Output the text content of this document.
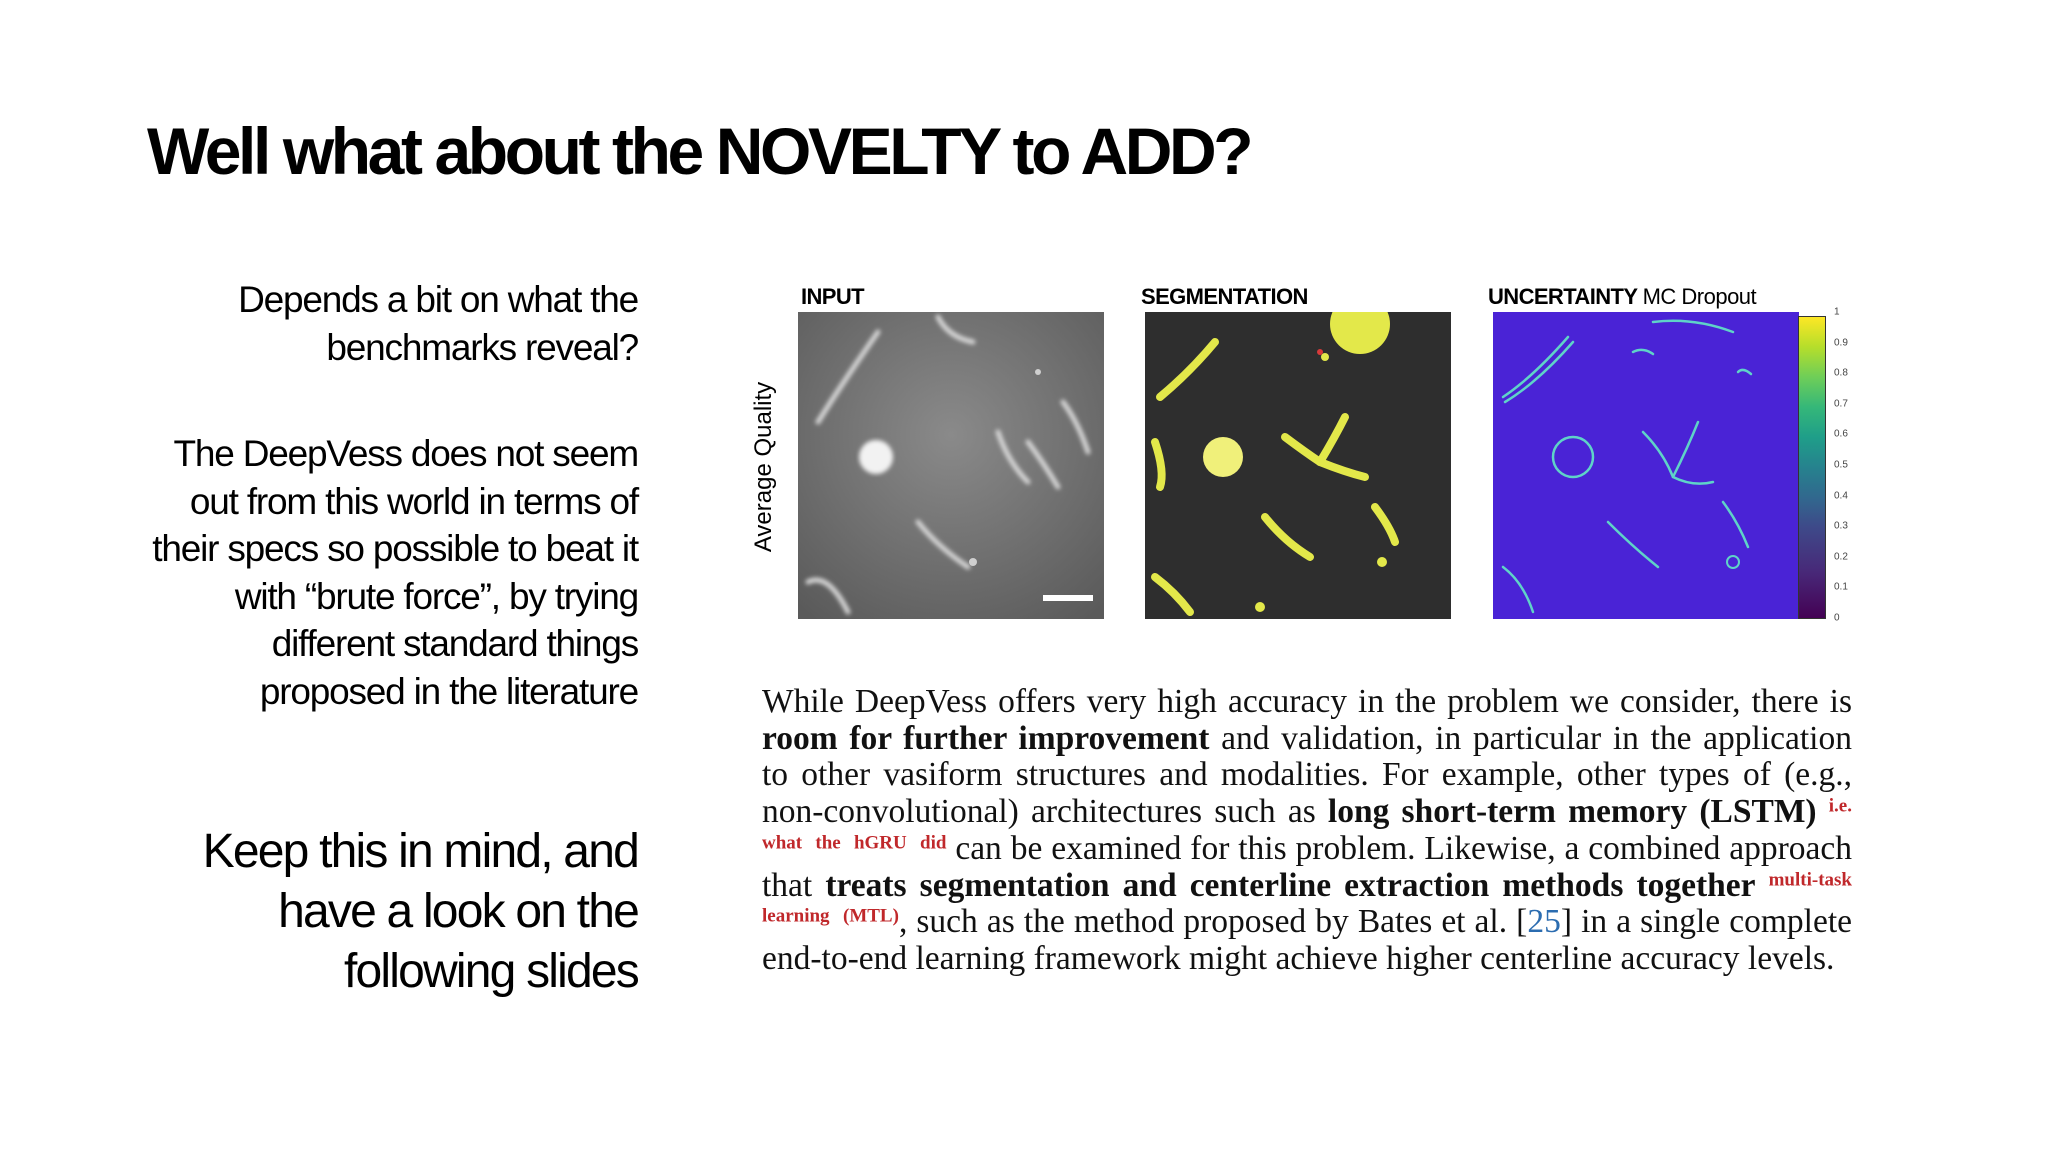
Well what about the NOVELTY to ADD?
Depends a bit on what the benchmarks reveal?
The DeepVess does not seem out from this world in terms of their specs so possible to beat it with “brute force”, by trying different standard things proposed in the literature
Keep this in mind, and have a look on the following slides
INPUT	SEGMENTATION	UNCERTAINTY MC Dropout
Average Quality
1
0.9
0.8
0.7
0.6
0.5
0.4
0.3
0.2
0.1
0
While DeepVess offers very high accuracy in the problem we consider, there is room for further improvement and validation, in particular in the application to other vasiform structures and modalities. For example, other types of (e.g., non-convolutional) architectures such as long short-term memory (LSTM) $^{i.e. what the hGRU did}$ can be examined for this problem. Likewise, a combined approach that treats segmentation and centerline extraction methods together $^{multi-task learning (MTL)}$, such as the method proposed by Bates et al. [25] in a single complete end-to-end learning framework might achieve higher centerline accuracy levels.
